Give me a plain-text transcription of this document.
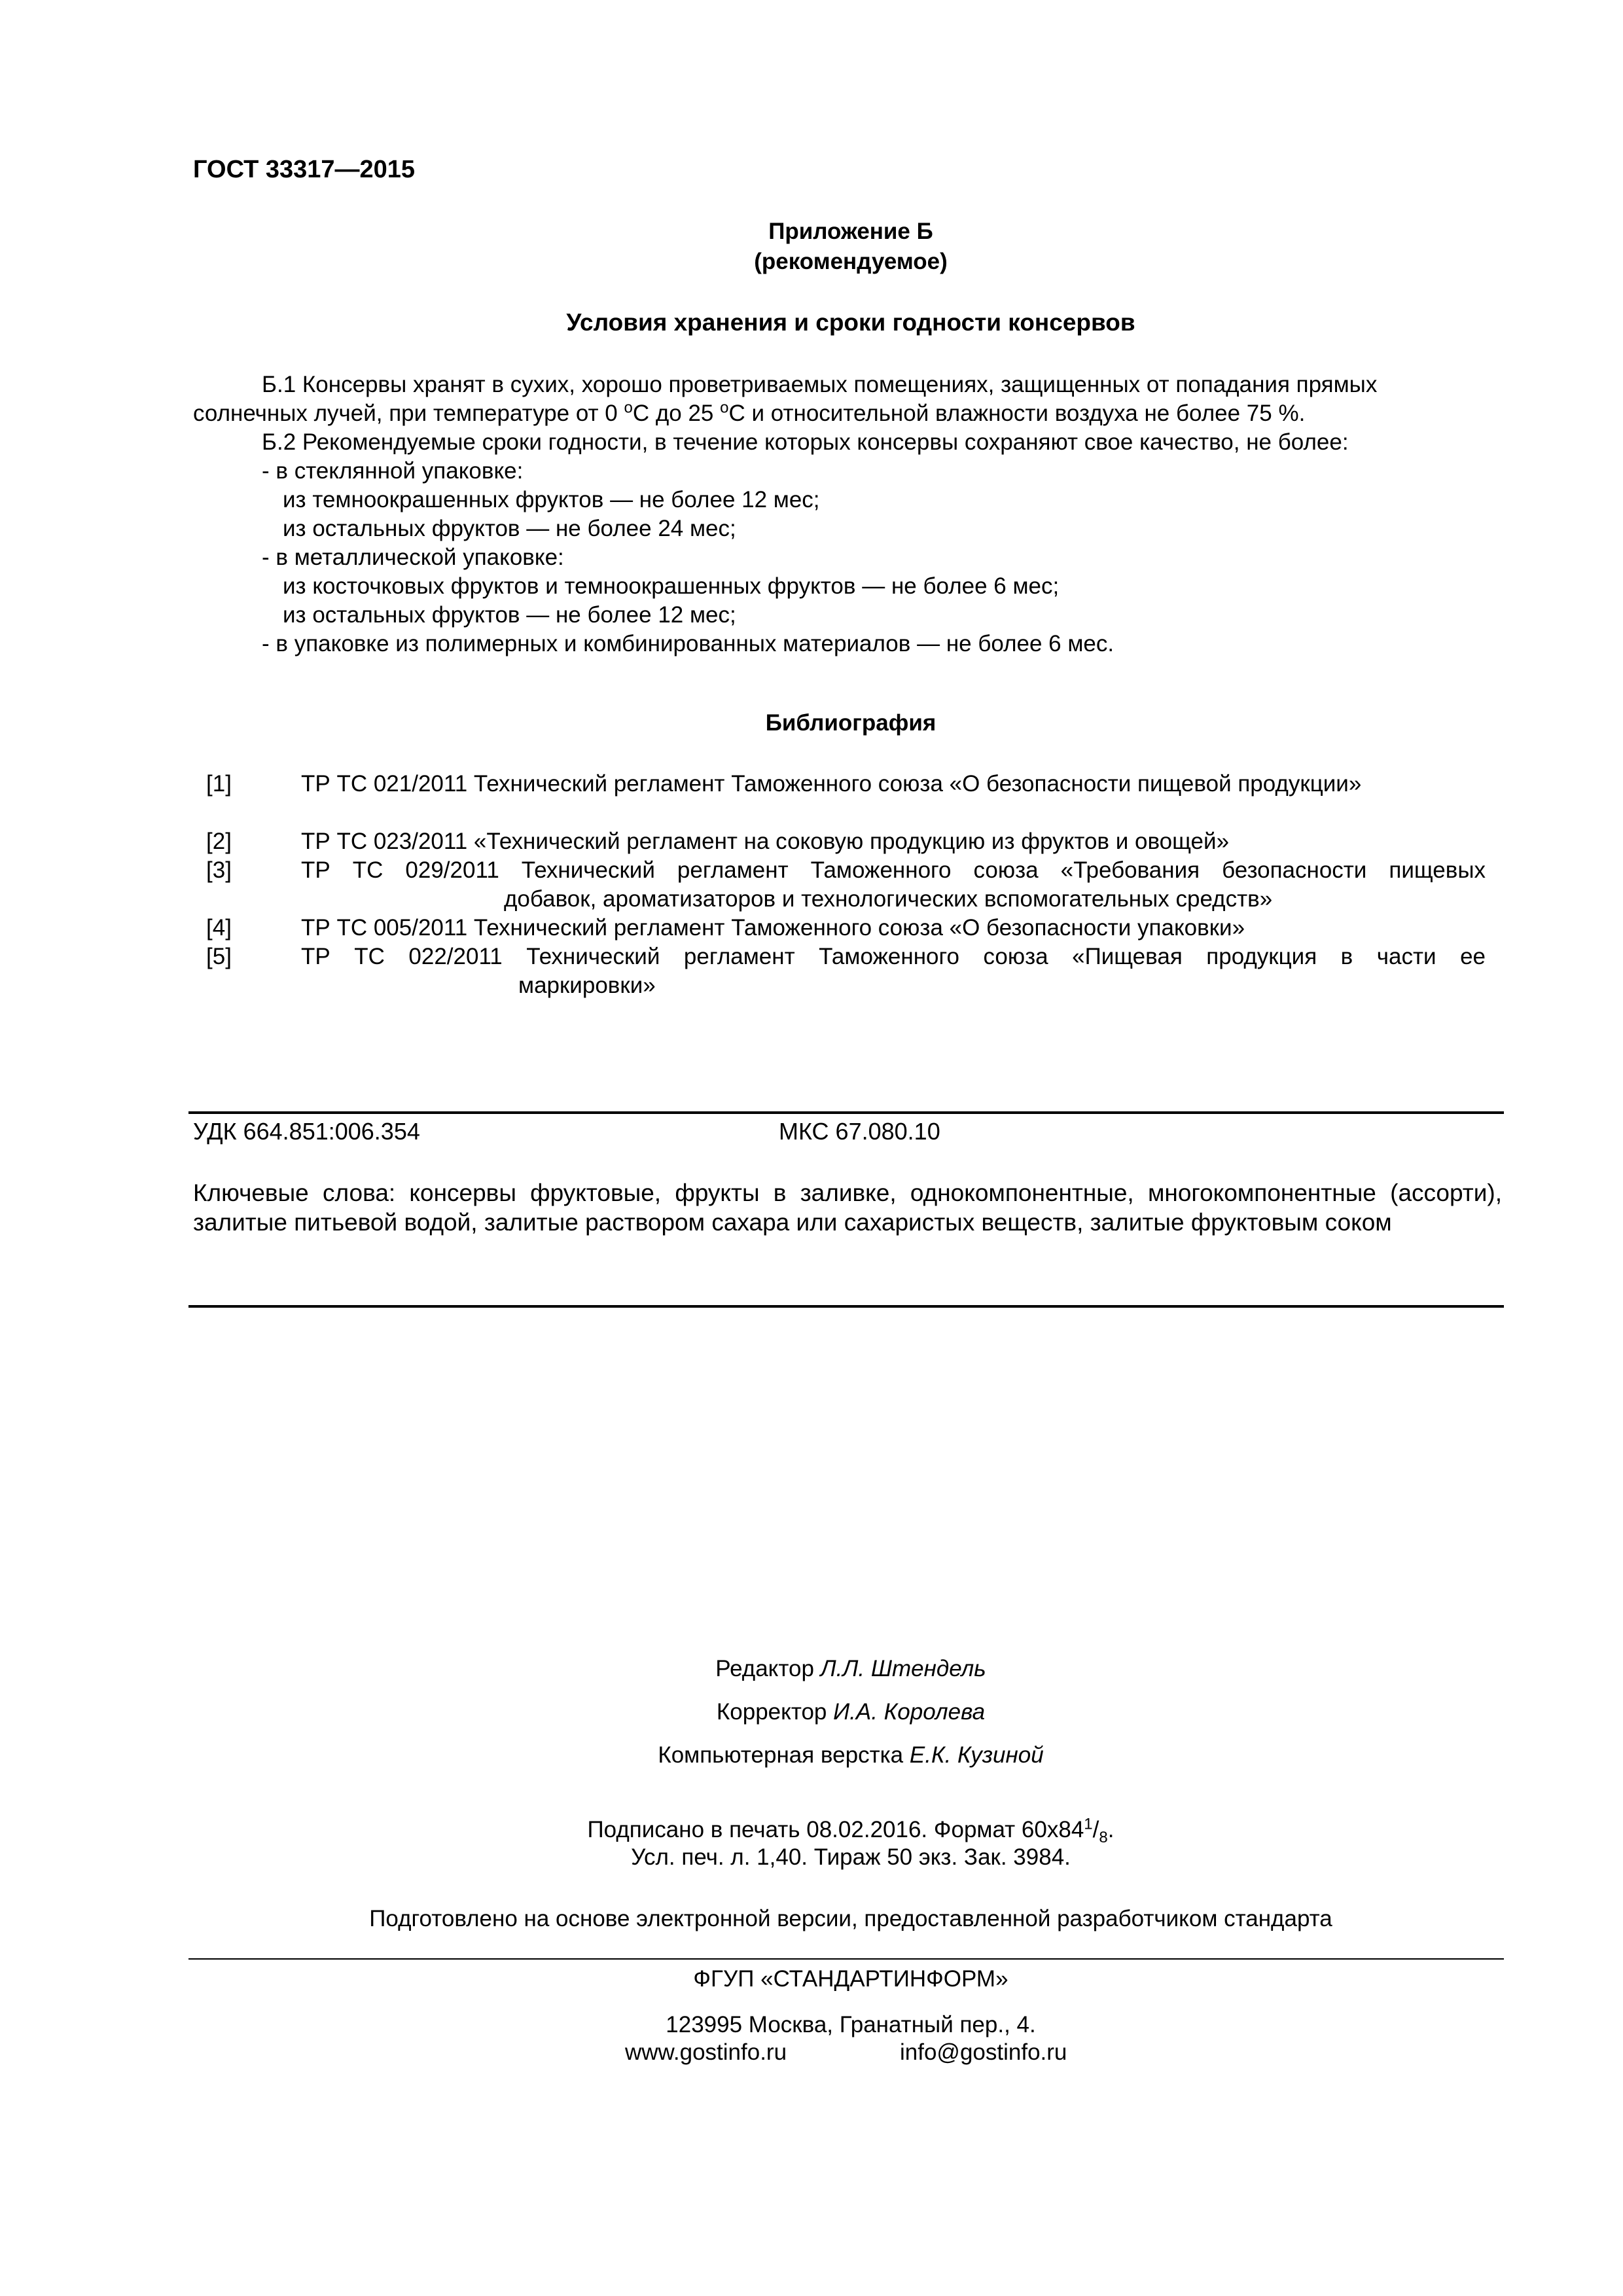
ГОСТ 33317—2015
Приложение Б
(рекомендуемое)
Условия хранения и сроки годности консервов
Б.1 Консервы хранят в сухих, хорошо проветриваемых помещениях, защищенных от попадания прямых
солнечных лучей, при температуре от 0 $^о$С до 25 $^о$С и относительной влажности воздуха не более 75 %.
Б.2 Рекомендуемые сроки годности, в течение которых консервы сохраняют свое качество, не более:
- в стеклянной упаковке:
из темноокрашенных фруктов — не более 12 мес;
из остальных фруктов — не более 24 мес;
- в металлической упаковке:
из косточковых фруктов и темноокрашенных фруктов — не более 6 мес;
из остальных фруктов — не более 12 мес;
- в упаковке из полимерных и комбинированных материалов — не более 6 мес.
Библиография
[1]	ТР ТС 021/2011 Технический регламент Таможенного союза «О безопасности пищевой продукции»
[2]	ТР ТС 023/2011 «Технический регламент на соковую продукцию из фруктов и овощей»
[3]	ТР ТС 029/2011 Технический регламент Таможенного союза «Требования безопасности пищевых
добавок, ароматизаторов и технологических вспомогательных средств»
[4]	ТР ТС 005/2011 Технический регламент Таможенного союза «О безопасности упаковки»
[5]	ТР ТС 022/2011 Технический регламент Таможенного союза «Пищевая продукция в части ее
маркировки»
УДК 664.851:006.354	МКС 67.080.10
Ключевые слова: консервы фруктовые, фрукты в заливке, однокомпонентные, многокомпонентные (ассорти), залитые питьевой водой, залитые раствором сахара или сахаристых веществ, залитые фруктовым соком
Редактор Л.Л. Штендель
Корректор И.А. Королева
Компьютерная верстка Е.К. Кузиной
Подписано в печать 08.02.2016. Формат $60х84^1/_8$.
Усл. печ. л. 1,40. Тираж 50 экз. Зак. 3984.
Подготовлено на основе электронной версии, предоставленной разработчиком стандарта
ФГУП «СТАНДАРТИНФОРМ»
123995 Москва, Гранатный пер., 4.
www.gostinfo.ru	info@gostinfo.ru
